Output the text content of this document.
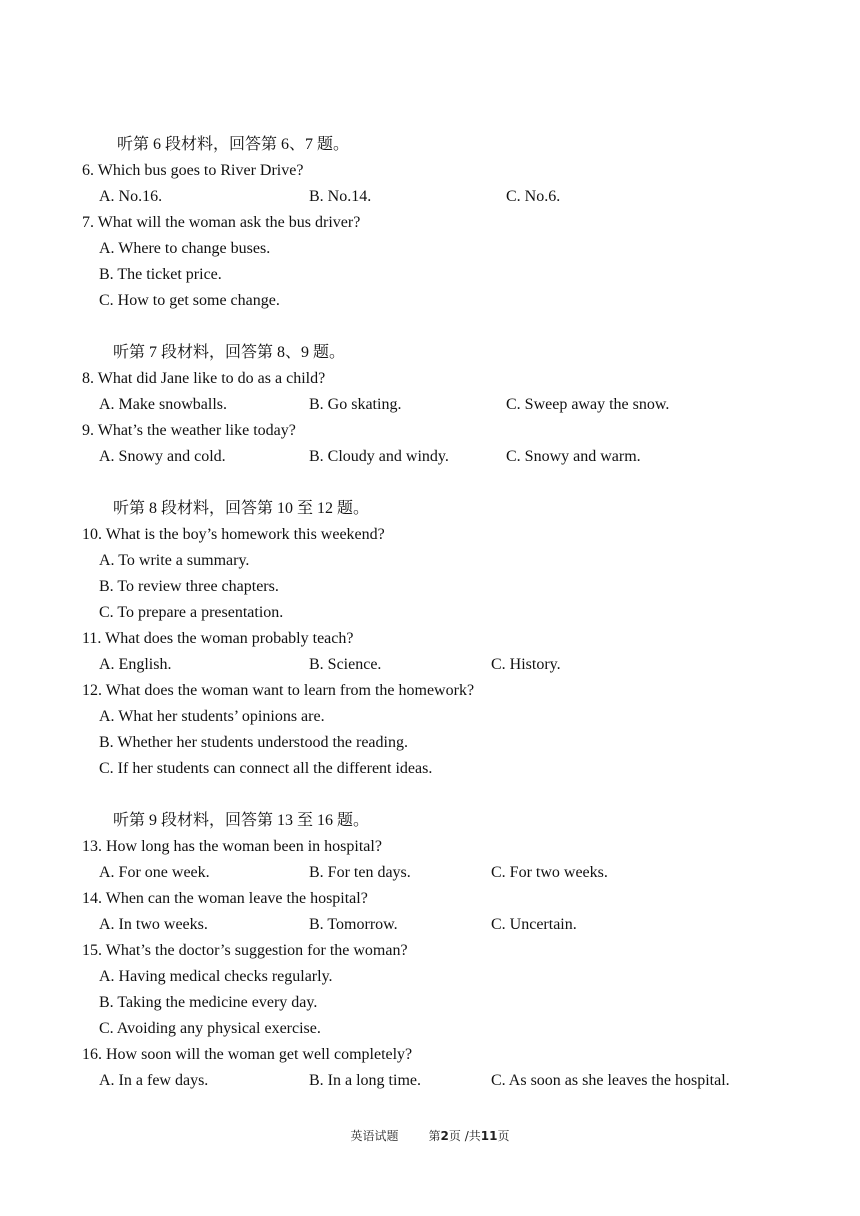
听第 6 段材料，回答第 6、7 题。
6. Which bus goes to River Drive?
A. No.16.	B. No.14.	C. No.6.
7. What will the woman ask the bus driver?
A. Where to change buses.
B. The ticket price.
C. How to get some change.
听第 7 段材料，回答第 8、9 题。
8. What did Jane like to do as a child?
A. Make snowballs.	B. Go skating.	C. Sweep away the snow.
9. What’s the weather like today?
A. Snowy and cold.	B. Cloudy and windy.	C. Snowy and warm.
听第 8 段材料，回答第 10 至 12 题。
10. What is the boy’s homework this weekend?
A. To write a summary.
B. To review three chapters.
C. To prepare a presentation.
11. What does the woman probably teach?
A. English.	B. Science.	C. History.
12. What does the woman want to learn from the homework?
A. What her students’ opinions are.
B. Whether her students understood the reading.
C. If her students can connect all the different ideas.
听第 9 段材料，回答第 13 至 16 题。
13. How long has the woman been in hospital?
A. For one week.	B. For ten days.	C. For two weeks.
14. When can the woman leave the hospital?
A. In two weeks.	B. Tomorrow.	C. Uncertain.
15. What’s the doctor’s suggestion for the woman?
A. Having medical checks regularly.
B. Taking the medicine every day.
C. Avoiding any physical exercise.
16. How soon will the woman get well completely?
A. In a few days.	B. In a long time.	C. As soon as she leaves the hospital.
英语试题	第2页 /共11页
